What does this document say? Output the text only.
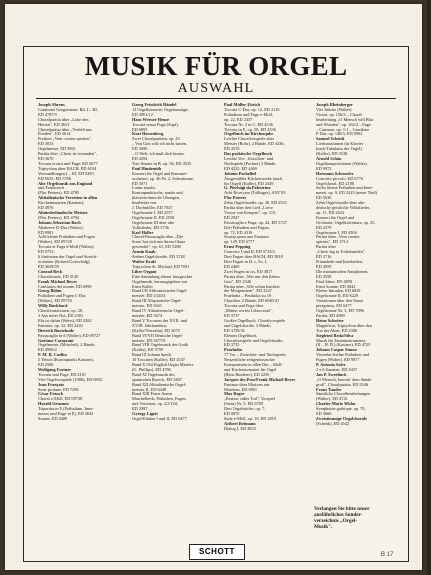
MUSIK FÜR ORGEL
AUSWAHL

Joseph Ahrens
Cantiones Gregorianae, Bd. I – III,
ED 4787/9
Choralpartita über „Lobe den
Herren", ED 3613
Choralpartita über „Verleih uns
Frieden", ED 3614
Fresken „Veni creator spiritus",
ED 3813
Orgelmesse, ED 3861
Partita über „Christ ist erstanden",
ED 3670
Toccata eroica und Fuge, ED 2677
Triptychon über BACH, ED 6194
Verwandlungen I – III, ED 5395,
ED 5635, ED 5768

Alte Orgelmusik aus England
und Frankreich
(Flor Peeters), ED 4785

Altitalienische Versetten in allen
Kirchentonarten (Kastner),
ED 4976

Altniederländische Meister
(Flor Peeters), ED 4784

Johann Sebastian Bach
Allabreve D-Dur (Walter),
ED 9981
Acht kleine Präludien und Fugen
(Walter), ED 09720
Toccata et Fuga d-Moll (Walter),
ED 9753
6 Sinfonien der Orgel und Streich-
orchester (Kobert/Gottschalg),
ED 3658/59

Conrad Beck
Choralsonate, ED 4149

Frank Michael Beyer
Canciones del monte, ED 6990

Georg Böhm
Präludien und Fugen C-Dur
(Walter), ED 09753

Willy Burkhard
Choralvariationen, op. 28,
3 Aus tiefer Not, ED 2381
Ehr ist dahin (Weiss), ED 2382
Fantasie, op. 32, ED 2243

Dietrich Buxtehude
Passacaglia in d (Walter), ED 09727

Gaetano Corazzani
Orgelmesse, (Möschel), 2 Bände,
ED 4990/2

P. M. R. Coelho
5 Tentos (Kontrapunkt Kastner),
ED 2506

Wolfgang Fortner
Toccata und Fuge, ED 2101
Vier Orgelvorspiele (1986), ED 6992

Jean Françaix
Suite profane, ED 7296

César Franck
Choral a-Moll, ED 09738

Harald Genzmer
Tripartita in F (Präludium, Inter-
mezzo und Fuge in F), ED 3842
Sonate, ED 4489

Georg Friedrich Händel
12 Orgelkonzerte, Orgelauszüge,
ED 3801/12

Hans Werner Henze
Toccata senza Fuga (Zapf),
ED 6895

Kurt Hessenberg
Zwei Choralpartiten, op. 43
– Von Gott will ich nicht lassen,
ED 3690
– O Welt, ich muß dich lassen,
ED 4294
Trio-Sonate in B, op. 56, ED 4535

Paul Hindemith
Konzert für Orgel und Kammer-
orchester, op. 46 Nr. 2, Solostimme,
ED 3071
Ludus tonalis
Kontrapunktische, tonale und
klaviertechnische Übungen,
bearbeitet von
J. Dorfmüller, ED 7027
Orgelsonate I, ED 2557
Orgelsonate II, ED 2558
Orgelsonate III über alte
Volkslieder, ED 3736

Karl Höller
Choral-Passacaglia über „Die
Sonn' hat sich mit ihrem Glanz
gewendet", op. 61, ED 5288

Armin Knab
Sieben Orgelchoräle, ED 3728

Walter Kraft
Triptychon St. Michael, ED 7091

Liber Organi
Eine Sammlung älterer liturgischer
Orgelmusik, herausgegeben von
Ernst Kaller
Band I/II Altfranzösische Orgel-
meister, ED 2343/4
Band III Altspanische Orgel-
meister, ED 3621
Band IV Altitalienische Orgel-
meister, ED 3674
Band V Toccaten des XVII. und
XVIII. Jahrhunderts
(Kaller/Vierzehn), ED 3675
Band VI/VII Deutsche Orgel-
meister, ED 3677/8
Band VIII Orgelmusik der Gotik
(Kaller), ED 3759
Band IX Johann Speth,
10 Toccaten (Kaller), ED 4537
Band X Old English Organ Masters
(G. Phillips), ED 4786
Band XI Orgelmusik des
spanischen Barock, ED 5467
Band XII Altitalienische Orgel-
meister II, ED 6448
Band XIII Franz Anton
Maichelbeck, Präludien, Fugen
und Versetten, op. 2/3 Teil,
ED 2987

György Ligeti
Orgel-Etüden I und II, ED 6477

Paul Müller-Zürich
Toccata C-Dur, op. 12, ED 2116
Präludium und Fuge e-Moll,
op. 22, ED 2337
Toccata Nr. 2 in C, ED 4536
Toccata in E, op. 50, ED 4536

Orgelbuch im Kirchenjahr
Leichte Choralvorspiele alter
Meister (Rohr), 2 Bände, ED 4336,
ED 4570

Das praktische Orgelbuch
Leichte Vor-, Zwischen- und
Nachspiele (Pachter) 2 Bände,
ED 4335, ED 4469

Johann Pachelbel
Ausgewählte Kirchenwerke (auch
für Orgel) (Kaller), ED 2349

G. Pierluigi da Palestrina
Acht Ricercare (Tollinger), ANT 83

Flor Peeters
Zehn Orgelchoräle, op. 39, ED 2533
Partita über den Lied „Lieve
Vrouw van Kempen", op. 115,
ED 2947
Passacaglia e Fuga, op. 42, ED 3727
Drei Präludien und Fugen,
op. 72, ED 4316
Sonata quasi una Fantasia
op. 129, ED 6777

Ernst Pepping
Concerto I und II, ED 3733/4
Drei Fugen über BACH, ED 3818
Drei Fugen in D, c, Es, f,
ED 2460
Zwei Fugen in cis, ED 3817
Partita über „Wer nur den lieben
Gott", ED 2346
Partita über „Wie schön leuchtet
der Morgenstern", ED 2247
Praeludia – Postludia zu 18
Chorälen, 2 Bände, ED 6040/41
Toccata und Fuge über
„Mitten wir im Leben sind",
ED 3737
Großes Orgelbuch, Choralvorspiele
und Orgelchoräle, 3 Bände,
ED 3729/31
Kleines Orgelbuch,
Choralvorspiele und Orgelchoräle,
ED 3735

Praeludia
77 Vor – Zwischen- und Nachspiele,
Neuzeitliche zeitgenössischer
Komponisten in allen Dur – Moll-
und Kirchentonarten für Orgel
(Hans Rinderer), ED 2250

Jacques des Prez/Frank Michael Beyer
Fantasie über Motiven aus
Motetten, ED 6851

Max Reger
„Komm, süßer Tod", Vorspiel
(Stein) Nr. 5, ED 6769
Drei Orgelstücke, op. 7,
ED 0970
Suite e-Moll, op. 16, ED 2810

Aribert Reimann
Dialog I, ED 4823

Joseph Rheinberger
Vier Stücke (Walter)
Vision, op. 156/3 – Choral-
bearbeitung „O Mensch will Blut
und Wunden", op. 162/4 – Fuge
– Canzone, op. 1/1 – Cantilene
F-Dur, op. 148/3, ED 9982

Samuel Scheidt
Liedvariationen für Klavier
(nach Tabulatur der Orgel)
(Kaller), ED 3538

Arnold Schön
Orgelkompositionen (Walter),
ED 9972

Hermann Schroeder
Concerto piccolo, ED 6776
Orgelchoral, ED 2188
Sechs kleine Präludien und Inter-
mezzi, op. 9, ED 2323 (neuer Titel)
ED 5636
Zehn Orgelchoräle über alte-
deutsche geistliche Volkslieder,
op. 11, ED 2622
Konzert für Orgel und
Orchester, Orgelklaviatura, op. 25,
ED 2279
Orgelsonate I, ED 4306
Partita über „Veni creator
spiritus", ED 3714
Partita über
„Christ lag in Todesbanden",
ED 3716
Präambeln und Interludien,
ED 4959
Die marianischen Antiphonen,
ED 4558
Fünf Sätze, ED 4858
Ernst Sonate, ED 4942
Kleine Intraden, ED 6829
Orgelsonate II, ED 6229
Variationen über den Tonus
peregrinus, ED 6477
Orgelsonate Nr. 3, ED 7096
Partita, ED 4989

Heinz Schröter
Magnificat, Triptychon über den
Ton der Alten, ED 2380

Siegfried Reda/Silva
Musik für Tasteninstrumente
(II – H. D.) (Kastner), ED 4725

Johann Caspar Simon
Vierzehn leichte Präludien und
Fugen (Walter), ED 9877

P. Antonio Soler
2 x 6 Sonaten, ED 6437

Jan P. Sweelinck
„O Mensch, bewein' dein Sünde
groß", Choralpartita, ED 5546

Franz Tunder
Sämtliche Choralbearbeitungen
(Walter), ED 4741

Charles-Marie Widor
Symphonie gothique, op. 70,
ED 3666

Zweistimmige Orgelchoräle
(Schenk), ED 4542

Verlangen Sie bitte unser
ausführliches Sonder-
verzeichnis „Orgel-
Musik".
SCHOTT	B 17
